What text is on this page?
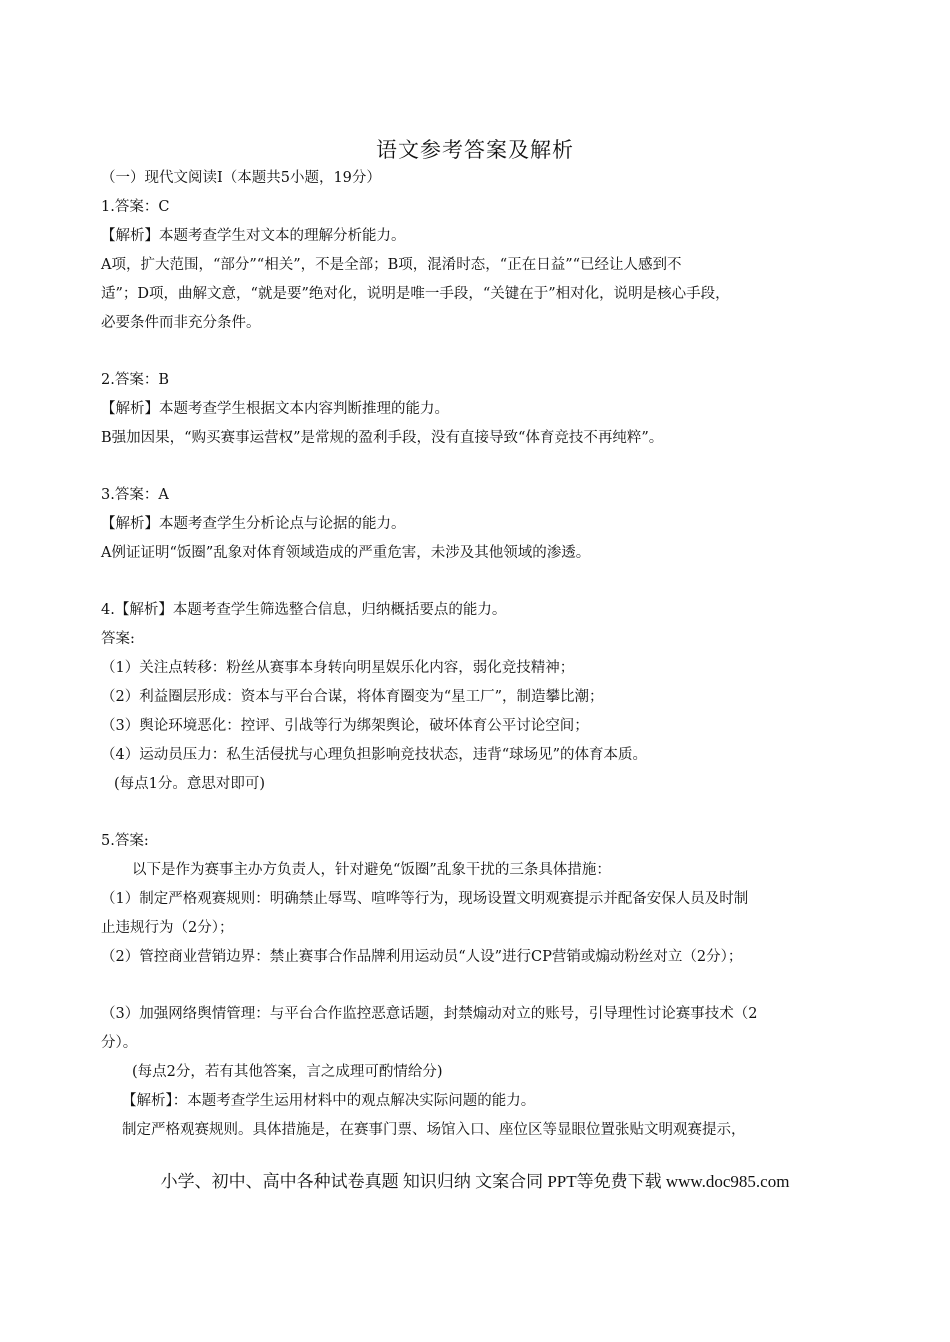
语文参考答案及解析
（一）现代文阅读Ⅰ（本题共5小题，19分）
1.答案：C
【解析】本题考查学生对文本的理解分析能力。
A项，扩大范围，“部分”“相关”，不是全部；B项，混淆时态，“正在日益”“已经让人感到不
适”；D项，曲解文意，“就是要”绝对化，说明是唯一手段，“关键在于”相对化，说明是核心手段，
必要条件而非充分条件。
2.答案：B
【解析】本题考查学生根据文本内容判断推理的能力。
B强加因果，“购买赛事运营权”是常规的盈利手段，没有直接导致“体育竞技不再纯粹”。
3.答案：A
【解析】本题考查学生分析论点与论据的能力。
A例证证明“饭圈”乱象对体育领域造成的严重危害，未涉及其他领域的渗透。
4.【解析】本题考查学生筛选整合信息，归纳概括要点的能力。
答案:
（1）关注点转移：粉丝从赛事本身转向明星娱乐化内容，弱化竞技精神；
（2）利益圈层形成：资本与平台合谋，将体育圈变为“星工厂”，制造攀比潮；
（3）舆论环境恶化：控评、引战等行为绑架舆论，破坏体育公平讨论空间；
（4）运动员压力：私生活侵扰与心理负担影响竞技状态，违背“球场见”的体育本质。
(每点1分。意思对即可)
5.答案:
以下是作为赛事主办方负责人，针对避免“饭圈”乱象干扰的三条具体措施：
（1）制定严格观赛规则：明确禁止辱骂、喧哗等行为，现场设置文明观赛提示并配备安保人员及时制
止违规行为（2分）；
（2）管控商业营销边界：禁止赛事合作品牌利用运动员“人设”进行CP营销或煽动粉丝对立（2分）；
（3）加强网络舆情管理：与平台合作监控恶意话题，封禁煽动对立的账号，引导理性讨论赛事技术（2
分）。
(每点2分，若有其他答案，言之成理可酌情给分)
【解析】：本题考查学生运用材料中的观点解决实际问题的能力。
制定严格观赛规则。具体措施是，在赛事门票、场馆入口、座位区等显眼位置张贴文明观赛提示，
小学、初中、高中各种试卷真题 知识归纳 文案合同 PPT等免费下载 www.doc985.com
